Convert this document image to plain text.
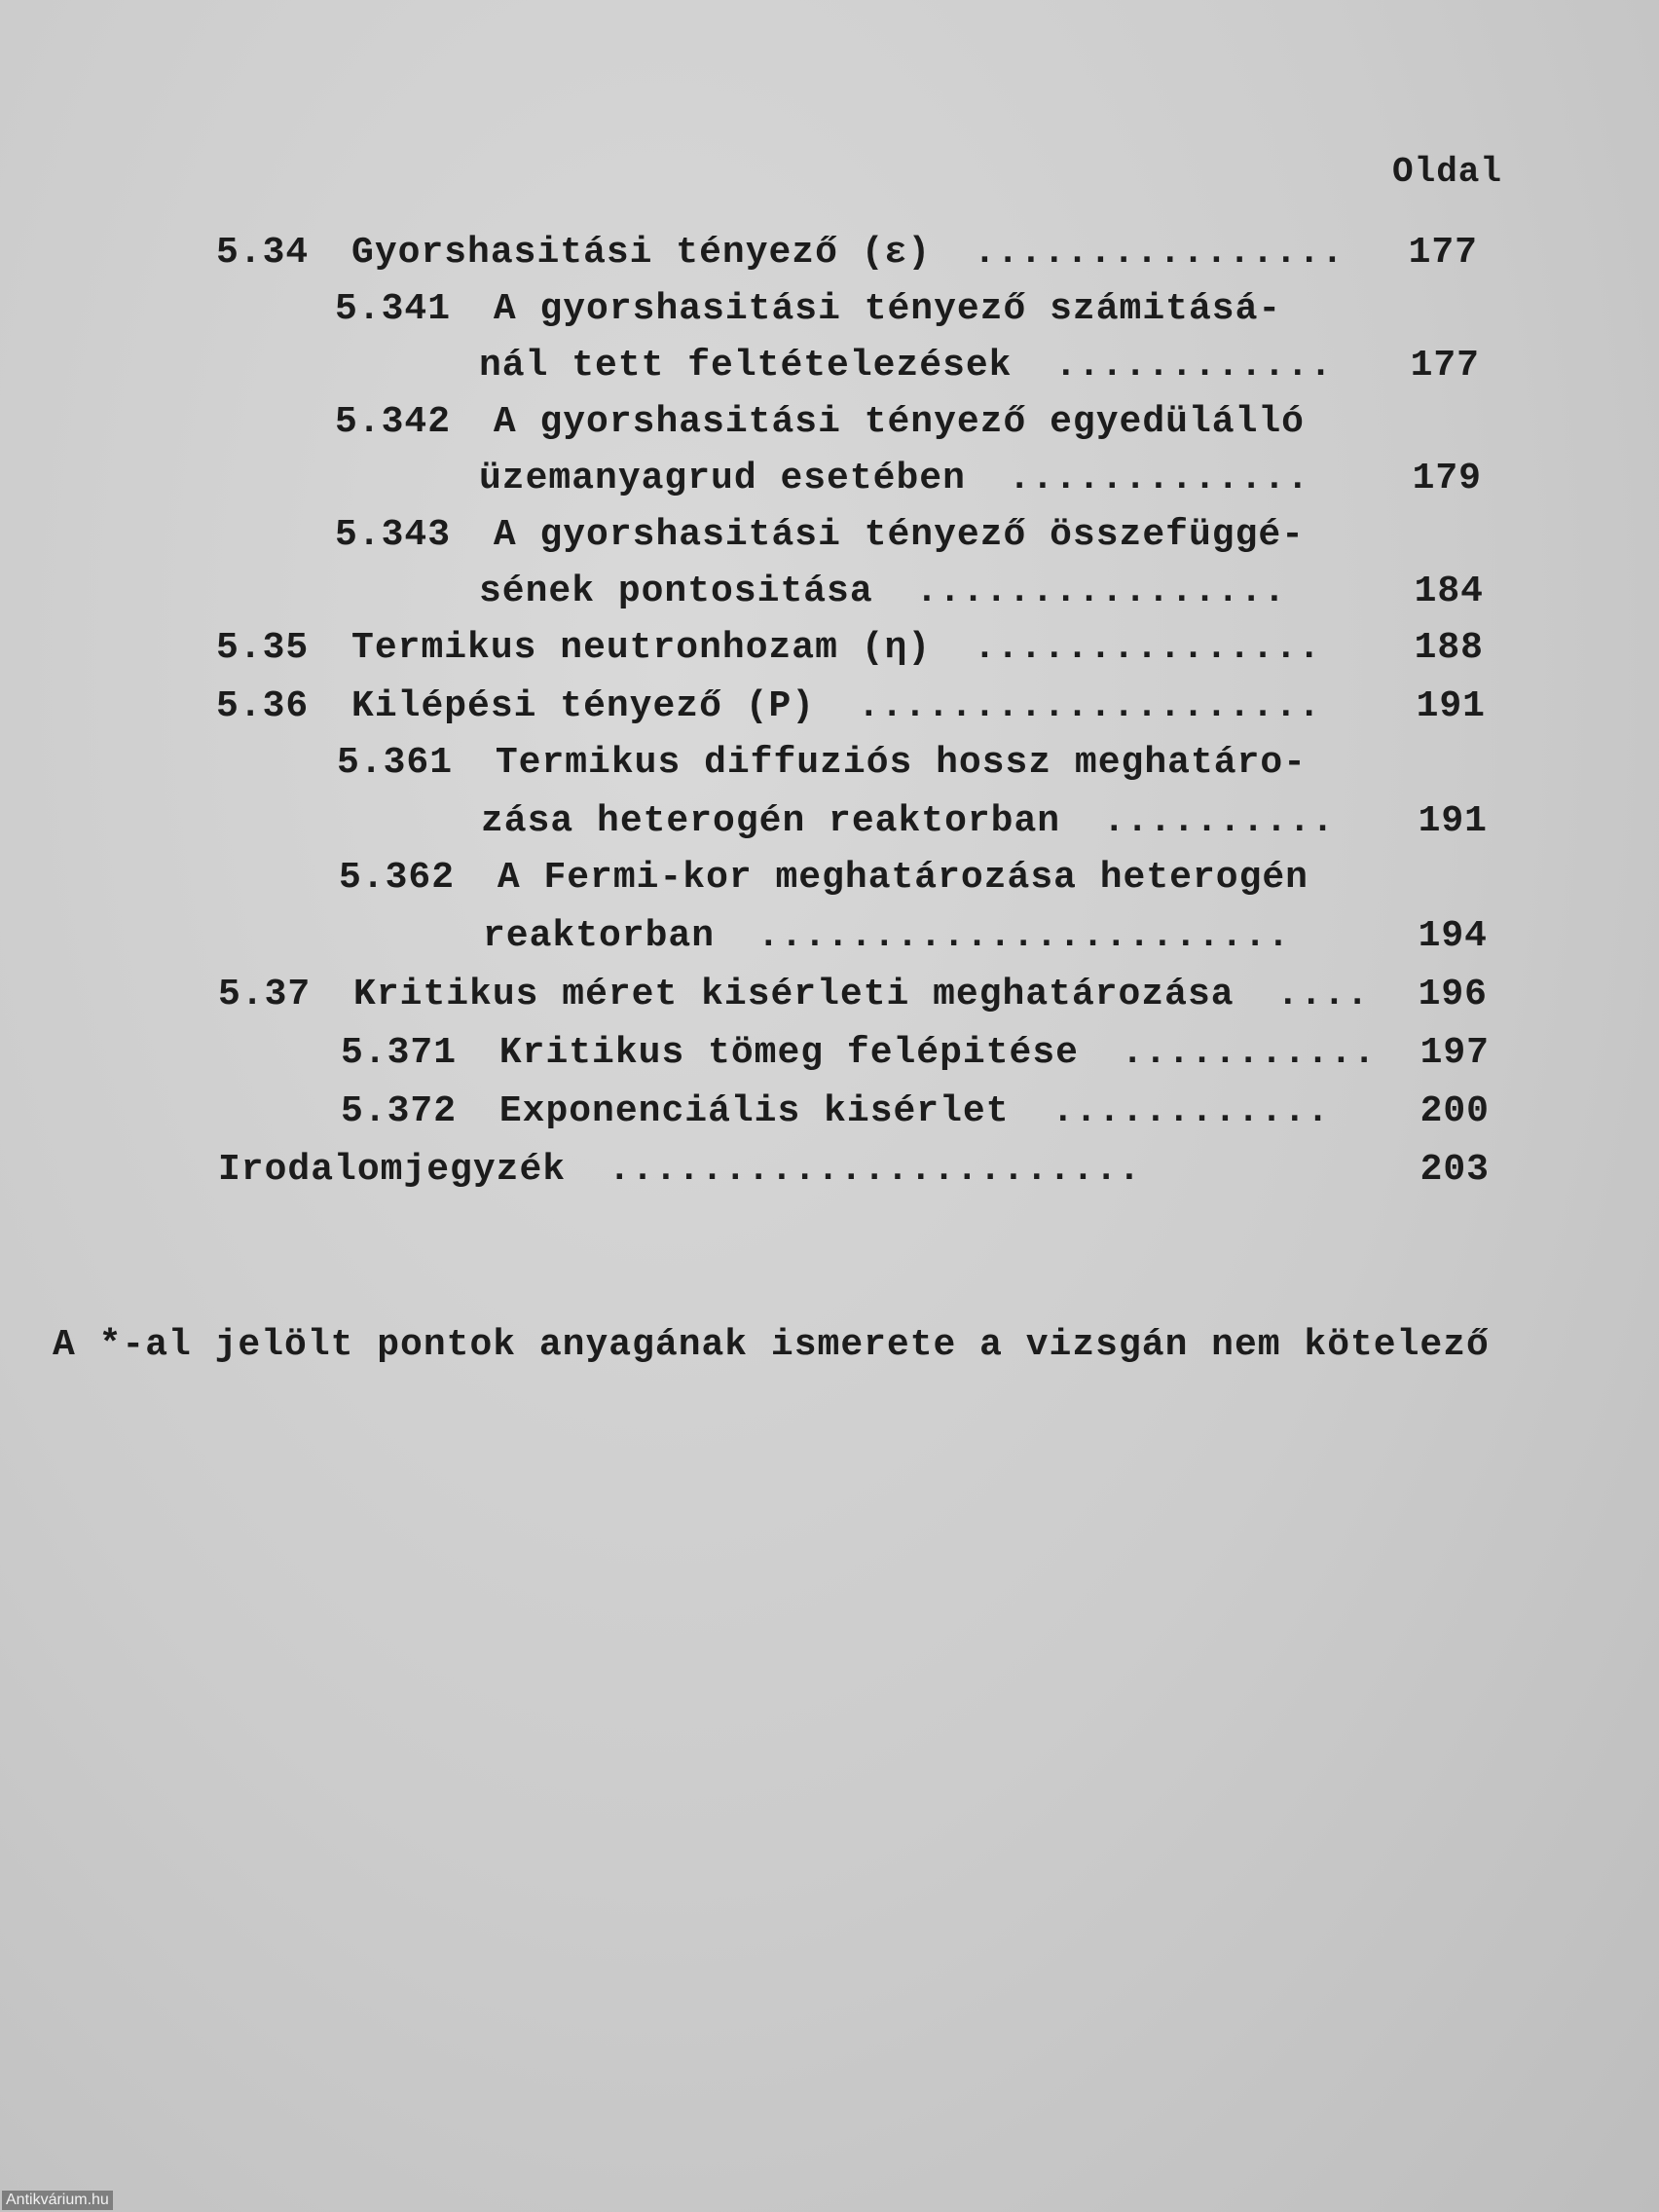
Oldal
5.34 Gyorshasitási tényező (ɛ) ................	177
5.341 A gyorshasitási tényező számitásá-
nál tett feltételezések ............	177
5.342 A gyorshasitási tényező egyedülálló
üzemanyagrud esetében .............	179
5.343 A gyorshasitási tényező összefüggé-
sének pontositása ................	184
5.35 Termikus neutronhozam (η) ...............	188
5.36 Kilépési tényező (P) ....................	191
5.361 Termikus diffuziós hossz meghatáro-
zása heterogén reaktorban ..........	191
5.362 A Fermi-kor meghatározása heterogén
reaktorban .......................	194
5.37 Kritikus méret kisérleti meghatározása ....	196
5.371 Kritikus tömeg felépitése ...........	197
5.372 Exponenciális kisérlet ............	200
Irodalomjegyzék .......................	203
A *-al jelölt pontok anyagának ismerete a vizsgán nem kötelező
Antikvárium.hu
